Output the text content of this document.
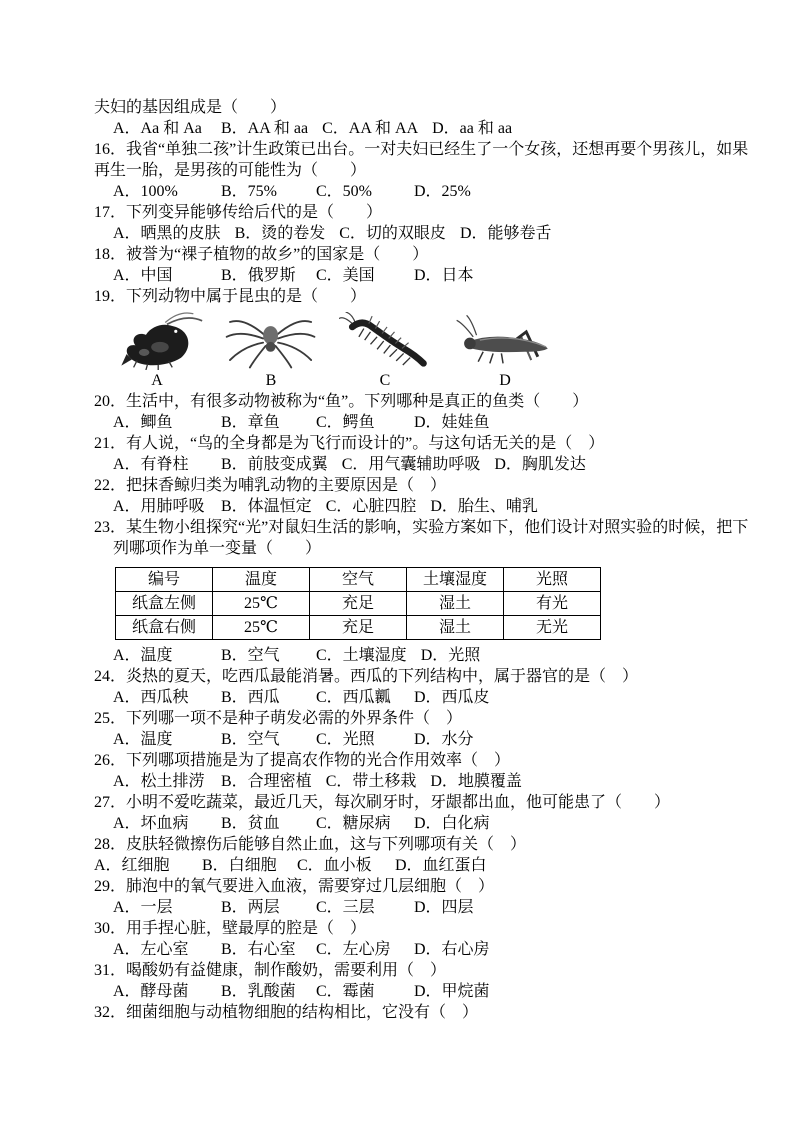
夫妇的基因组成是（　　）
A．Aa 和 Aa	B．AA 和 aa C．AA 和 AA D．aa 和 aa
16．我省“单独二孩”计生政策已出台。一对夫妇已经生了一个女孩，还想再要个男孩儿，如果
再生一胎，是男孩的可能性为（　　）
A．100%	B．75%	C．50%	D．25%
17．下列变异能够传给后代的是（　　）
A．晒黑的皮肤 B．烫的卷发 C．切的双眼皮 D．能够卷舌
18．被誉为“裸子植物的故乡”的国家是（　　）
A．中国	B．俄罗斯	C．美国	D．日本
19．下列动物中属于昆虫的是（　　）
A	B	C	D
20．生活中，有很多动物被称为“鱼”。下列哪种是真正的鱼类（　　）
A．鲫鱼	B．章鱼	C．鳄鱼	D．娃娃鱼
21．有人说，“鸟的全身都是为飞行而设计的”。与这句话无关的是（　）
A．有脊柱	B．前肢变成翼 C．用气囊辅助呼吸 D．胸肌发达
22．把抹香鲸归类为哺乳动物的主要原因是（　）
A．用肺呼吸 B．体温恒定 C．心脏四腔 D．胎生、哺乳
23．某生物小组探究“光”对鼠妇生活的影响，实验方案如下，他们设计对照实验的时候，把下
列哪项作为单一变量（　　）
编号	温度	空气	土壤湿度	光照
纸盒左侧	25℃	充足	湿土	有光
纸盒右侧	25℃	充足	湿土	无光
A．温度	B．空气	C．土壤湿度 D．光照
24．炎热的夏天，吃西瓜最能消暑。西瓜的下列结构中，属于器官的是（　）
A．西瓜秧	B．西瓜	C．西瓜瓤	D．西瓜皮
25．下列哪一项不是种子萌发必需的外界条件（　）
A．温度	B．空气	C．光照	D．水分
26．下列哪项措施是为了提高农作物的光合作用效率（　）
A．松土排涝 B．合理密植 C．带土移栽 D．地膜覆盖
27．小明不爱吃蔬菜，最近几天，每次刷牙时，牙龈都出血，他可能患了（　　）
A．坏血病	B．贫血	C．糖尿病	D．白化病
28．皮肤轻微擦伤后能够自然止血，这与下列哪项有关（　）
A．红细胞	B．白细胞	C．血小板	D．血红蛋白
29．肺泡中的氧气要进入血液，需要穿过几层细胞（　）
A．一层	B．两层	C．三层	D．四层
30．用手捏心脏，壁最厚的腔是（　）
A．左心室	B．右心室	C．左心房	D．右心房
31．喝酸奶有益健康，制作酸奶，需要利用（　）
A．酵母菌	B．乳酸菌	C．霉菌	D．甲烷菌
32．细菌细胞与动植物细胞的结构相比，它没有（　）
